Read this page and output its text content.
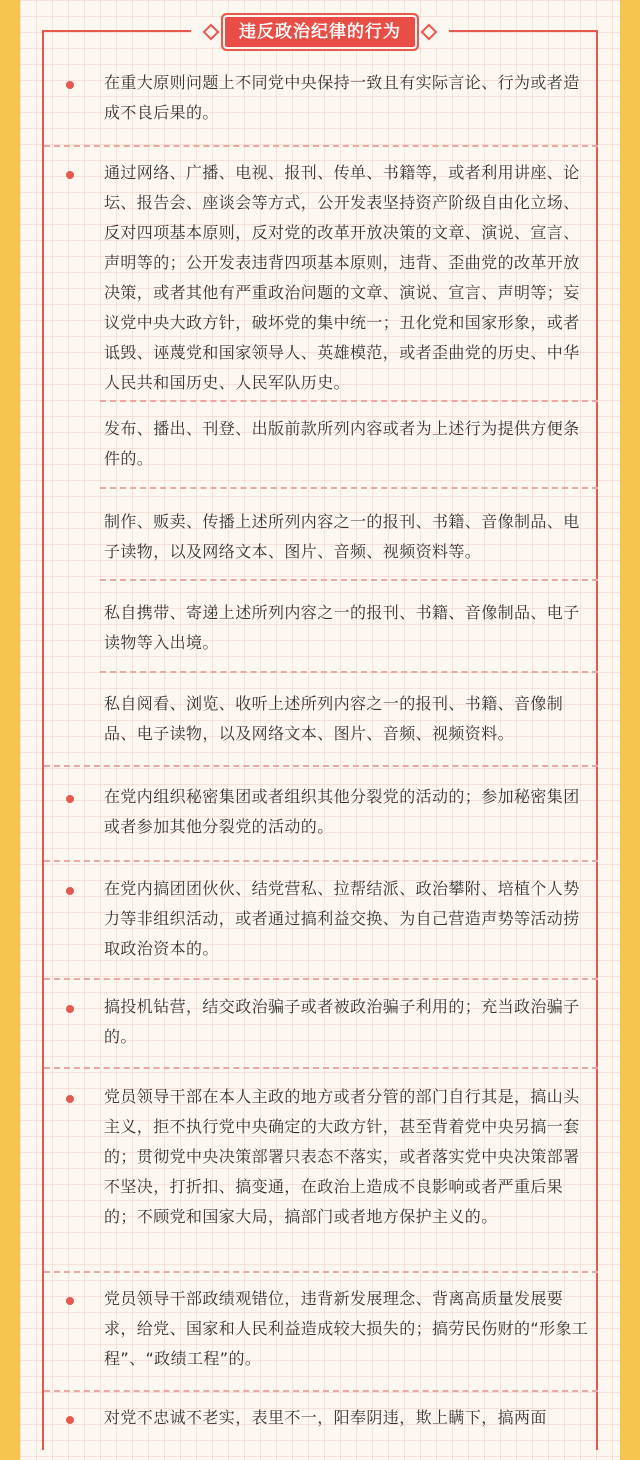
违反政治纪律的行为
在重大原则问题上不同党中央保持一致且有实际言论、行为或者造成不良后果的。
通过网络、广播、电视、报刊、传单、书籍等，或者利用讲座、论坛、报告会、座谈会等方式，公开发表坚持资产阶级自由化立场、反对四项基本原则，反对党的改革开放决策的文章、演说、宣言、声明等的；公开发表违背四项基本原则，违背、歪曲党的改革开放决策，或者其他有严重政治问题的文章、演说、宣言、声明等；妄议党中央大政方针，破坏党的集中统一；丑化党和国家形象，或者诋毁、诬蔑党和国家领导人、英雄模范，或者歪曲党的历史、中华人民共和国历史、人民军队历史。
发布、播出、刊登、出版前款所列内容或者为上述行为提供方便条件的。
制作、贩卖、传播上述所列内容之一的报刊、书籍、音像制品、电子读物，以及网络文本、图片、音频、视频资料等。
私自携带、寄递上述所列内容之一的报刊、书籍、音像制品、电子读物等入出境。
私自阅看、浏览、收听上述所列内容之一的报刊、书籍、音像制品、电子读物，以及网络文本、图片、音频、视频资料。
在党内组织秘密集团或者组织其他分裂党的活动的；参加秘密集团或者参加其他分裂党的活动的。
在党内搞团团伙伙、结党营私、拉帮结派、政治攀附、培植个人势力等非组织活动，或者通过搞利益交换、为自己营造声势等活动捞取政治资本的。
搞投机钻营，结交政治骗子或者被政治骗子利用的；充当政治骗子的。
党员领导干部在本人主政的地方或者分管的部门自行其是，搞山头主义，拒不执行党中央确定的大政方针，甚至背着党中央另搞一套的；贯彻党中央决策部署只表态不落实，或者落实党中央决策部署不坚决，打折扣、搞变通，在政治上造成不良影响或者严重后果的；不顾党和国家大局，搞部门或者地方保护主义的。
党员领导干部政绩观错位，违背新发展理念、背离高质量发展要求，给党、国家和人民利益造成较大损失的；搞劳民伤财的“形象工程”、“政绩工程”的。
对党不忠诚不老实，表里不一，阳奉阴违，欺上瞒下，搞两面
